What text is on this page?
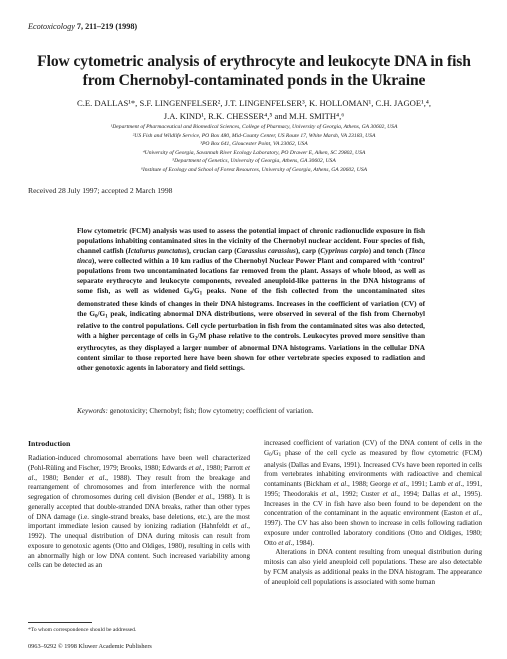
Ecotoxicology 7, 211–219 (1998)
Flow cytometric analysis of erythrocyte and leukocyte DNA in fish
from Chernobyl-contaminated ponds in the Ukraine
C.E. DALLAS¹*, S.F. LINGENFELSER², J.T. LINGENFELSER³, K. HOLLOMAN¹, C.H. JAGOE¹,⁴,
J.A. KIND¹, R.K. CHESSER⁴,⁵ and M.H. SMITH⁴,⁶
¹Department of Pharmaceutical and Biomedical Sciences, College of Pharmacy, University of Georgia, Athens, GA 30602, USA
²US Fish and Wildlife Service, PO Box 480, Mid-County Center, US Route 17, White Marsh, VA 23183, USA
³PO Box 641, Gloucester Point, VA 23062, USA
⁴University of Georgia, Savannah River Ecology Laboratory, PO Drawer E, Aiken, SC 29802, USA
⁵Department of Genetics, University of Georgia, Athens, GA 30602, USA
⁶Institute of Ecology and School of Forest Resources, University of Georgia, Athens, GA 30602, USA
Received 28 July 1997; accepted 2 March 1998
Flow cytometric (FCM) analysis was used to assess the potential impact of chronic radionuclide exposure in fish populations inhabiting contaminated sites in the vicinity of the Chernobyl nuclear accident. Four species of fish, channel catfish (Ictalurus punctatus), crucian carp (Carassius carassius), carp (Cyprinus carpio) and tench (Tinca tinca), were collected within a 10 km radius of the Chernobyl Nuclear Power Plant and compared with ‘control’ populations from two uncontaminated locations far removed from the plant. Assays of whole blood, as well as separate erythrocyte and leukocyte components, revealed aneuploid-like patterns in the DNA histograms of some fish, as well as widened $G_0/G_1$ peaks. None of the fish collected from the uncontaminated sites demonstrated these kinds of changes in their DNA histograms. Increases in the coefficient of variation (CV) of the $G_0/G_1$ peak, indicating abnormal DNA distributions, were observed in several of the fish from Chernobyl relative to the control populations. Cell cycle perturbation in fish from the contaminated sites was also detected, with a higher percentage of cells in $G_2/M$ phase relative to the controls. Leukocytes proved more sensitive than erythrocytes, as they displayed a larger number of abnormal DNA histograms. Variations in the cellular DNA content similar to those reported here have been shown for other vertebrate species exposed to radiation and other genotoxic agents in laboratory and field settings.
Keywords: genotoxicity; Chernobyl; fish; flow cytometry; coefficient of variation.
Introduction
Radiation-induced chromosomal aberrations have been well characterized (Pohl-Rüling and Fischer, 1979; Brooks, 1980; Edwards et al., 1980; Parrott et al., 1980; Bender et al., 1988). They result from the breakage and rearrangement of chromosomes and from interference with the normal segregation of chromosomes during cell division (Bender et al., 1988). It is generally accepted that double-stranded DNA breaks, rather than other types of DNA damage (i.e. single-strand breaks, base deletions, etc.), are the most important immediate lesion caused by ionizing radiation (Hahnfeldt et al., 1992). The unequal distribution of DNA during mitosis can result from exposure to genotoxic agents (Otto and Oldiges, 1980), resulting in cells with an abnormally high or low DNA content. Such increased variability among cells can be detected as an
increased coefficient of variation (CV) of the DNA content of cells in the $G_0/G_1$ phase of the cell cycle as measured by flow cytometric (FCM) analysis (Dallas and Evans, 1991). Increased CVs have been reported in cells from vertebrates inhabiting environments with radioactive and chemical contaminants (Bickham et al., 1988; George et al., 1991; Lamb et al., 1991, 1995; Theodorakis et al., 1992; Custer et al., 1994; Dallas et al., 1995). Increases in the CV in fish have also been found to be dependent on the concentration of the contaminant in the aquatic environment (Easton et al., 1997). The CV has also been shown to increase in cells following radiation exposure under controlled laboratory conditions (Otto and Oldiges, 1980; Otto et al., 1984).
Alterations in DNA content resulting from unequal distribution during mitosis can also yield aneuploid cell populations. These are also detectable by FCM analysis as additional peaks in the DNA histogram. The appearance of aneuploid cell populations is associated with some human
*To whom correspondence should be addressed.
0963–9292 © 1998 Kluwer Academic Publishers
